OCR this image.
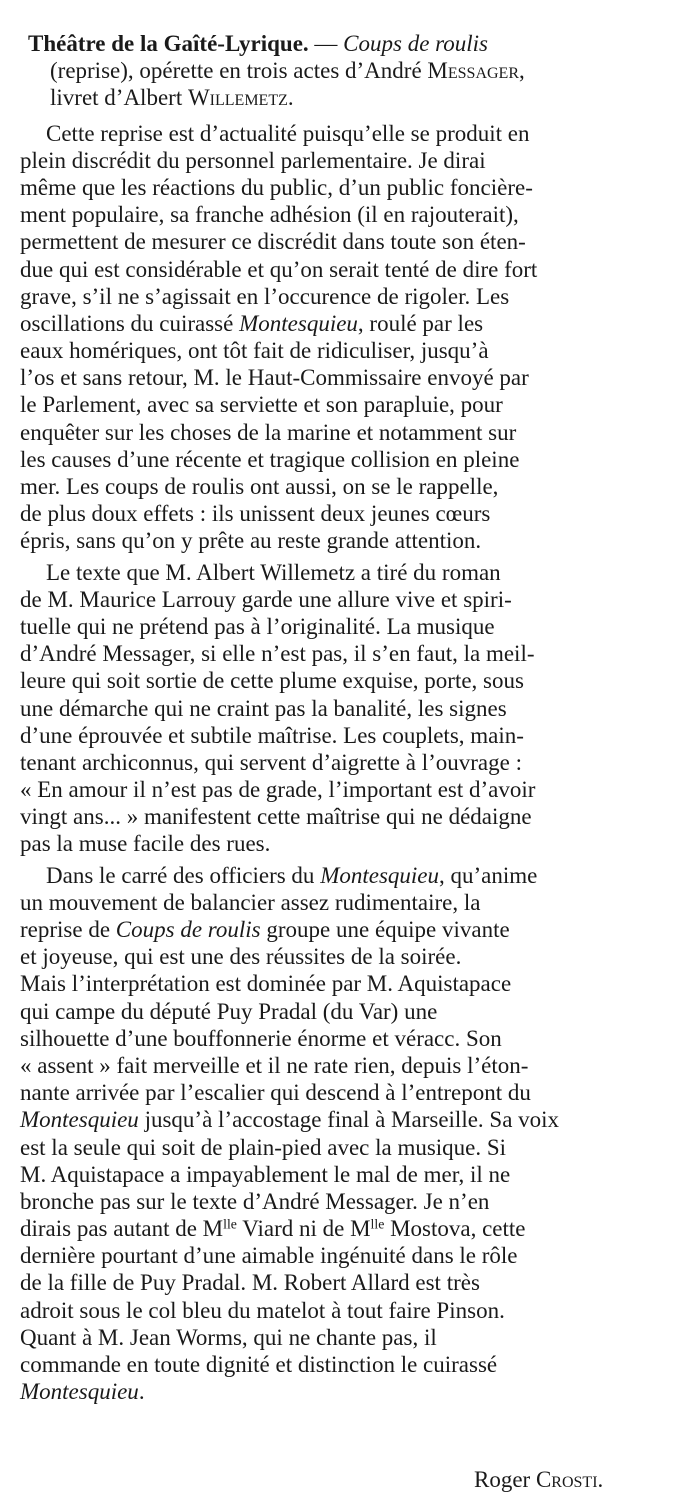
Théâtre de la Gaîté-Lyrique. — Coups de roulis
(reprise), opérette en trois actes d’André Messager,
livret d’Albert Willemetz.
Cette reprise est d’actualité puisqu’elle se produit en
plein discrédit du personnel parlementaire. Je dirai
même que les réactions du public, d’un public foncière-
ment populaire, sa franche adhésion (il en rajouterait),
permettent de mesurer ce discrédit dans toute son éten-
due qui est considérable et qu’on serait tenté de dire fort
grave, s’il ne s’agissait en l’occurence de rigoler. Les
oscillations du cuirassé Montesquieu, roulé par les
eaux homériques, ont tôt fait de ridiculiser, jusqu’à
l’os et sans retour, M. le Haut-Commissaire envoyé par
le Parlement, avec sa serviette et son parapluie, pour
enquêter sur les choses de la marine et notamment sur
les causes d’une récente et tragique collision en pleine
mer. Les coups de roulis ont aussi, on se le rappelle,
de plus doux effets : ils unissent deux jeunes cœurs
épris, sans qu’on y prête au reste grande attention.
Le texte que M. Albert Willemetz a tiré du roman
de M. Maurice Larrouy garde une allure vive et spiri-
tuelle qui ne prétend pas à l’originalité. La musique
d’André Messager, si elle n’est pas, il s’en faut, la meil-
leure qui soit sortie de cette plume exquise, porte, sous
une démarche qui ne craint pas la banalité, les signes
d’une éprouvée et subtile maîtrise. Les couplets, main-
tenant archiconnus, qui servent d’aigrette à l’ouvrage :
« En amour il n’est pas de grade, l’important est d’avoir
vingt ans... » manifestent cette maîtrise qui ne dédaigne
pas la muse facile des rues.
Dans le carré des officiers du Montesquieu, qu’anime
un mouvement de balancier assez rudimentaire, la
reprise de Coups de roulis groupe une équipe vivante
et joyeuse, qui est une des réussites de la soirée.
Mais l’interprétation est dominée par M. Aquistapace
qui campe du député Puy Pradal (du Var) une
silhouette d’une bouffonnerie énorme et véracc. Son
« assent » fait merveille et il ne rate rien, depuis l’éton-
nante arrivée par l’escalier qui descend à l’entrepont du
Montesquieu jusqu’à l’accostage final à Marseille. Sa voix
est la seule qui soit de plain-pied avec la musique. Si
M. Aquistapace a impayablement le mal de mer, il ne
bronche pas sur le texte d’André Messager. Je n’en
dirais pas autant de $M^{lle}$ Viard ni de $M^{lle}$ Mostova, cette
dernière pourtant d’une aimable ingénuité dans le rôle
de la fille de Puy Pradal. M. Robert Allard est très
adroit sous le col bleu du matelot à tout faire Pinson.
Quant à M. Jean Worms, qui ne chante pas, il
commande en toute dignité et distinction le cuirassé
Montesquieu.
Roger Crosti.
